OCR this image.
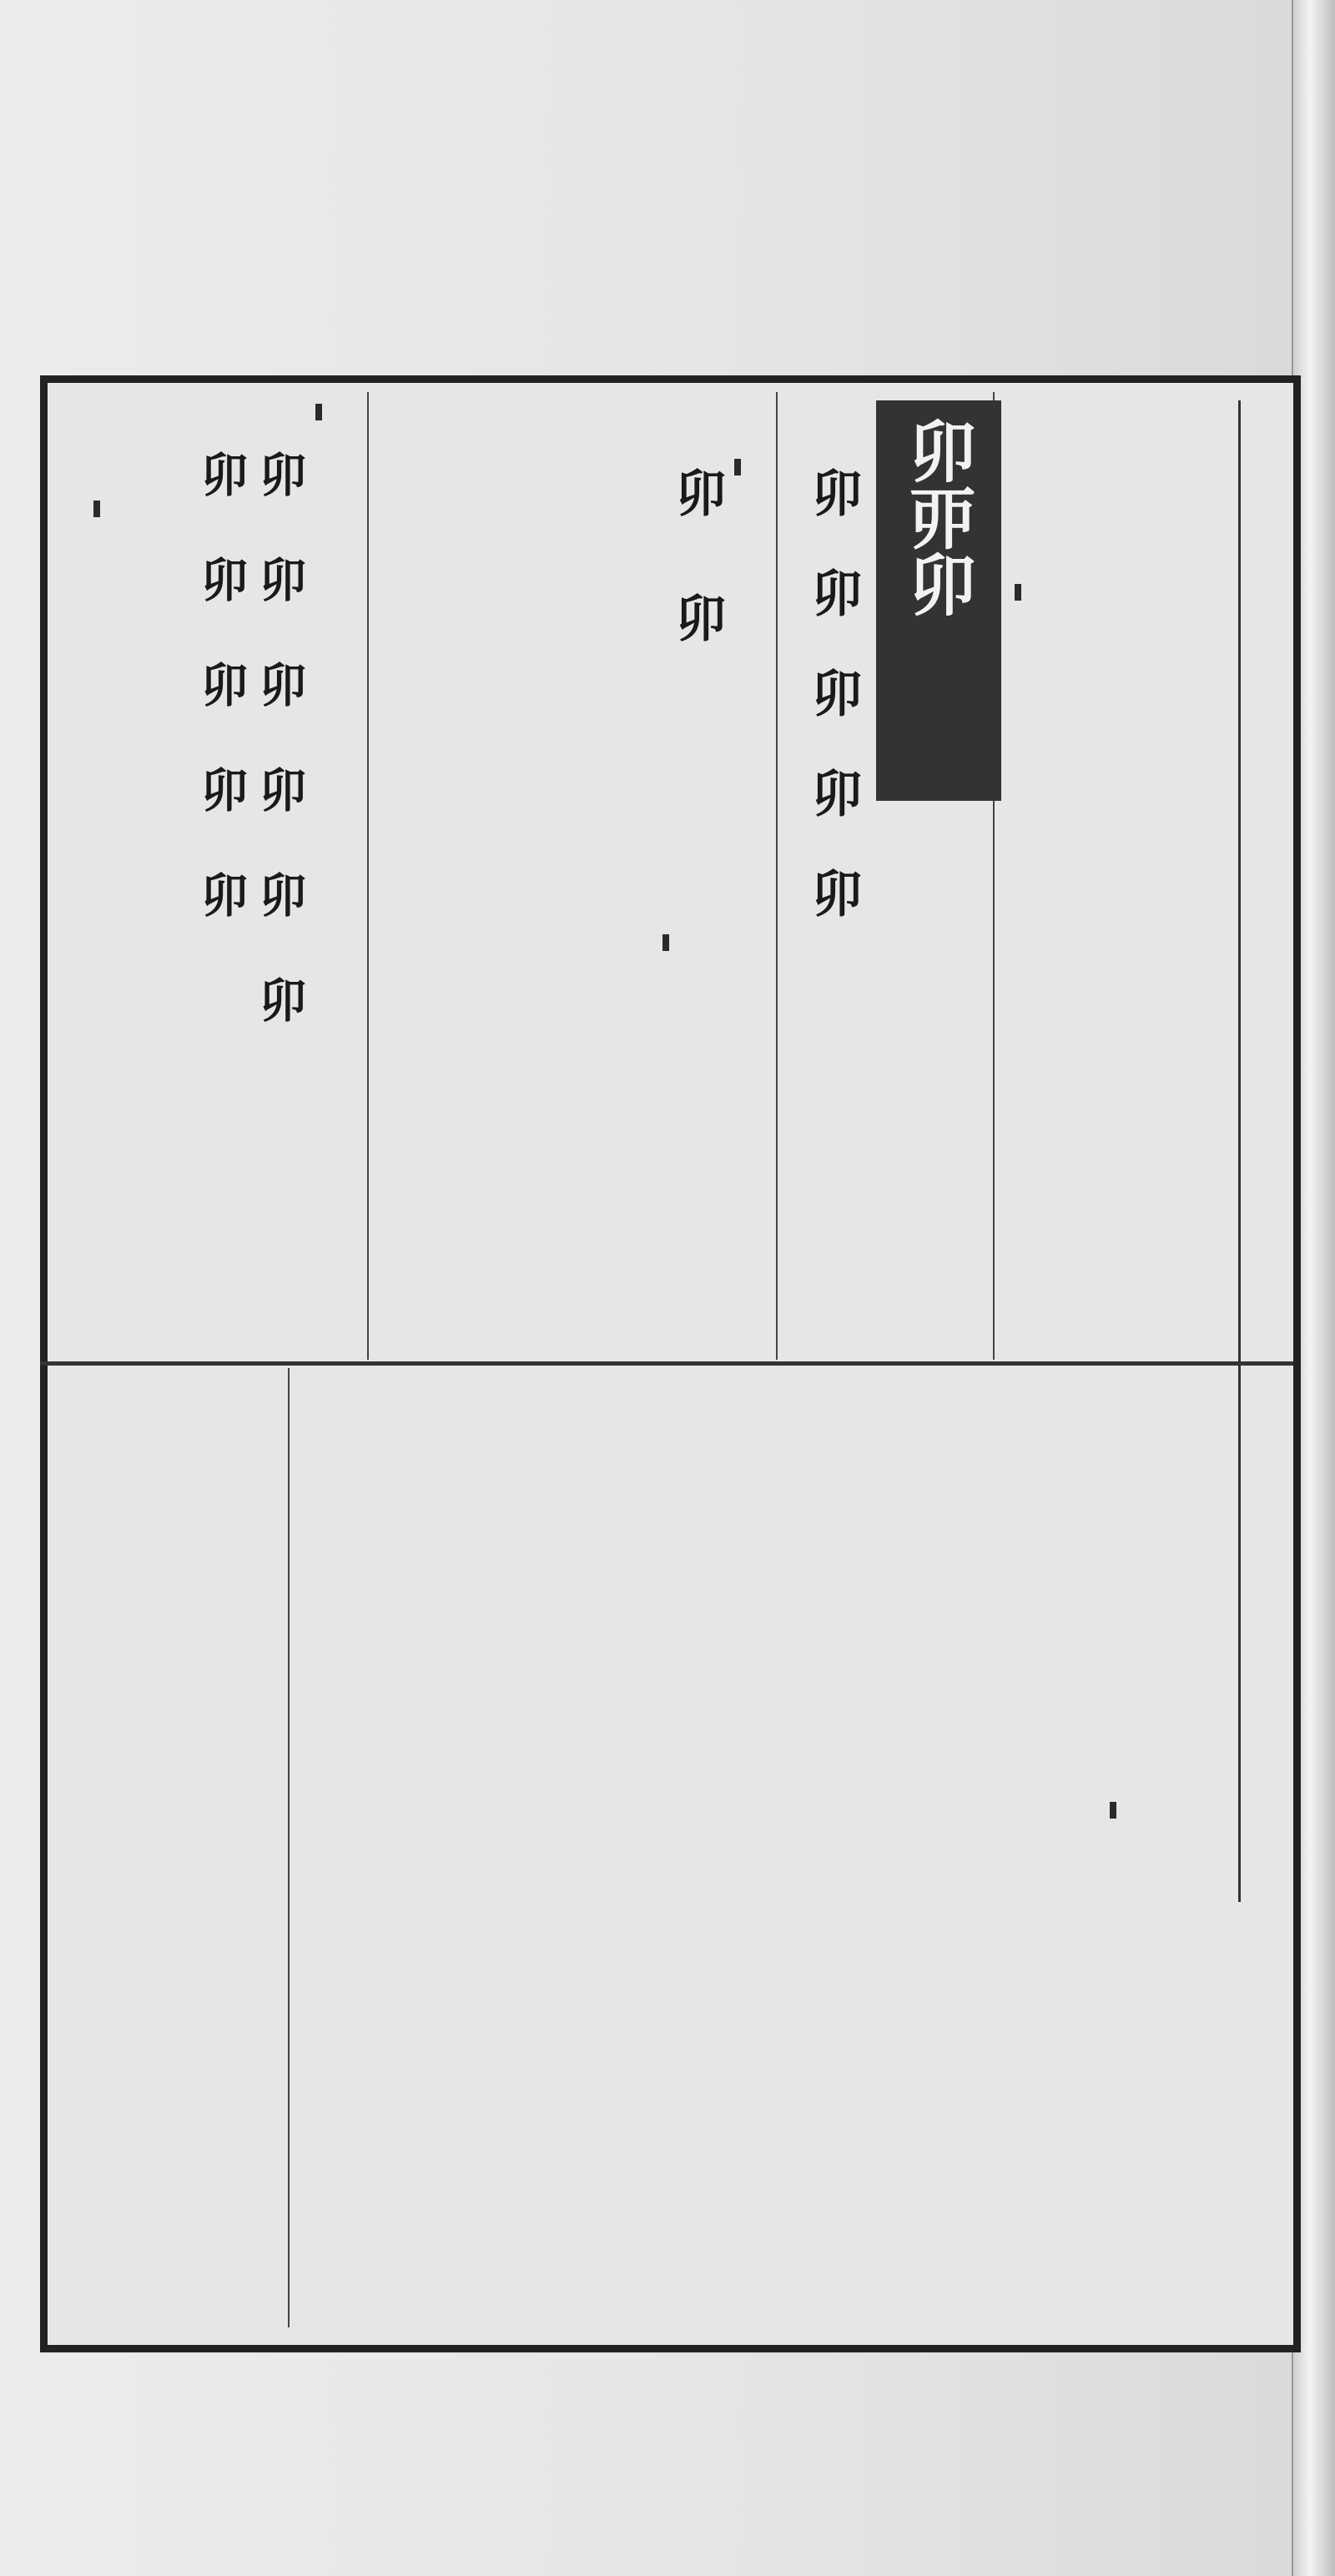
卯丣卯
卯卯卯卯卯
卯卯
卯卯卯卯卯卯
卯卯卯卯卯
